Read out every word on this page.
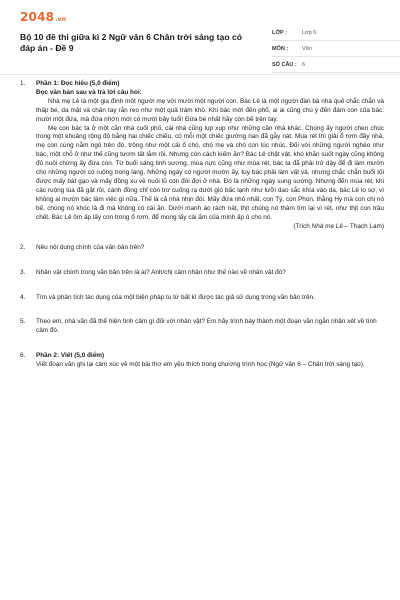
2048.vn
Bộ 10 đề thi giữa kì 2 Ngữ văn 6 Chân trời sáng tạo có đáp án - Đề 9
LỚP :	Lớp 6
MÔN :	Văn
SỐ CÂU : 6
1.	Phần 1: Đọc hiểu (5,0 điểm)
Đọc văn bản sau và trả lời câu hỏi:

Nhà mẹ Lê là một gia đình một người mẹ với mười một người con. Bác Lê là một người đàn bà nhà quê chắc chắn và thấp bé, da mặt và chân tay rắn reo như một quả trám khô. Khi bác mới đến phố, ai ai cũng chú ý đến đám con của bác: mười một đứa, mà đứa nhớn mới có mười bảy tuổi! Đứa bé nhất hãy còn bế trên tay.

Mẹ con bác ta ở một căn nhà cuối phố, cái nhà cũng lụp xụp như những căn nhà khác. Chúng ấy người chen chúc trong một khoảng rộng độ bằng hai chiếc chiếu, có mỗi một chiếc giường nan đã gẫy nát. Mùa rét thì giải ổ rơm đầy nhà, mẹ con cùng nằm ngủ trên đó, trông như một cái ổ chó, chó mẹ và chó con lúc nhúc. Đối với những người nghèo như bác, một chỗ ở như thế cũng tươm tất lắm rồi. Nhưng còn cách kiếm ăn? Bác Lê chật vật, khó khăn suốt ngày cũng không đủ nuôi chừng ấy đứa con. Từ buổi sáng tinh sương, mùa nực cũng như mùa rét, bác ta đã phải trở dậy để đi làm mướn cho những người có ruộng trong làng. Những ngày có người mướn ấy, tuy bác phải làm vất vả, nhưng chắc chắn buổi tối được mấy bát gạo và mấy đồng xu về nuôi lũ con đói đợi ở nhà. Đó là những ngày sung sướng. Nhưng đến mùa rét, khi các ruộng lúa đã gặt rồi, cánh đồng chỉ còn trơ cuống rạ dưới gió bấc lạnh như lưỡi dao sắc khía vào da, bác Lê lo sợ, vì không ai mướn bác làm việc gì nữa. Thế là cả nhà nhịn đói. Mấy đứa nhỏ nhất, con Tý, con Phún, thằng Hy mà con chị nó bế, chúng nó khóc lả đi mà không có cái ăn. Dưới manh áo rách nát, thịt chúng nó thâm tím lại vì rét, như thịt con trâu chết. Bác Lê ôm ấp lấy con trong ổ rơm, để mong lấy cái ấm của mình ấp ủ cho nó.

(Trích Nhà mẹ Lê – Thạch Lam)
2.	Nêu nội dung chính của văn bản trên?
3.	Nhân vật chính trong văn bản trên là ai? Anh/chị cảm nhận như thế nào về nhân vật đó?
4.	Tìm và phân tích tác dụng của một biện pháp tu từ bất kì được tác giả sử dụng trong văn bản trên.
5.	Theo em, nhà văn đã thể hiện tình cảm gì đối với nhân vật? Em hãy trình bày thành một đoạn văn ngắn nhận xét về tình cảm đó.
6.	Phần 2: Viết (5,0 điểm)
Viết đoạn văn ghi lại cảm xúc về một bài thơ em yêu thích trong chương trình học (Ngữ văn 6 – Chân trời sáng tạo).
